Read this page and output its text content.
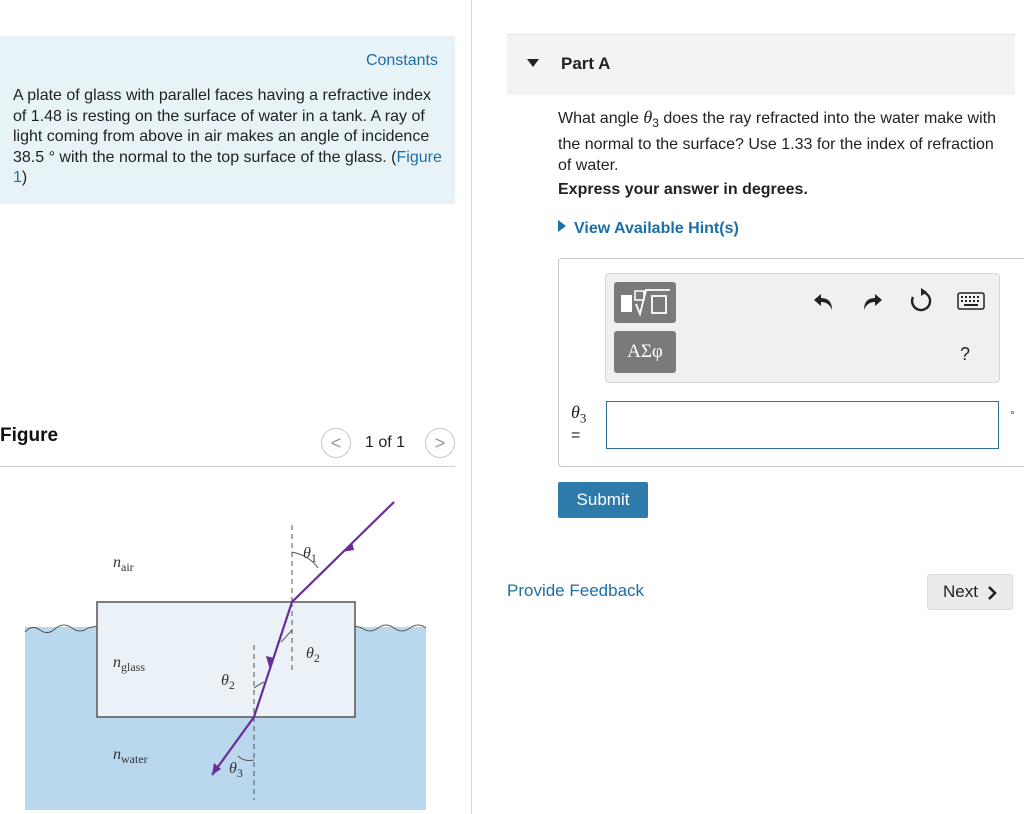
Constants
A plate of glass with parallel faces having a refractive index of 1.48 is resting on the surface of water in a tank. A ray of light coming from above in air makes an angle of incidence 38.5 ° with the normal to the top surface of the glass. (Figure 1)
Figure	<	1 of 1	>
$n_{air}$
$n_{glass}$
$n_{water}$
$\theta_1$
$\theta_2$
$\theta_2$
$\theta_3$
Part A
What angle $\theta_3$ does the ray refracted into the water make with the normal to the surface? Use 1.33 for the index of refraction of water.
Express your answer in degrees.
View Available Hint(s)
ΑΣφ	?
$\theta_3$
=
°
Submit
Provide Feedback	Next
